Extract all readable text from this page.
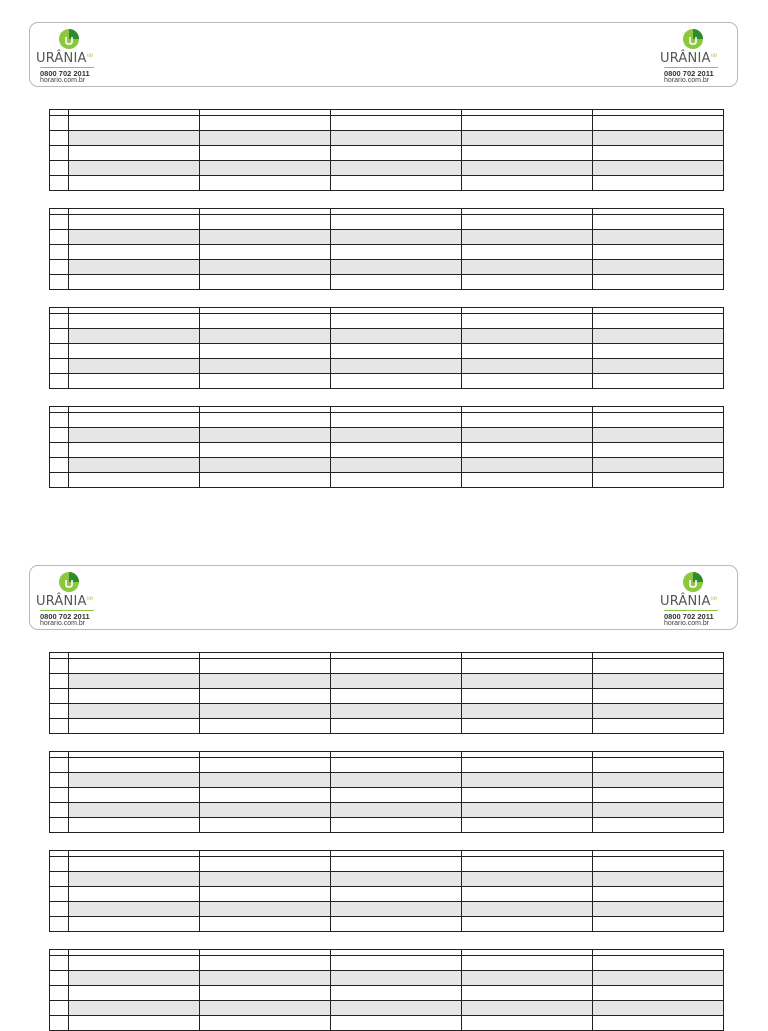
$URÂNIA^{up}$
0800 702 2011
horario.com.br
$URÂNIA^{up}$
0800 702 2011
horario.com.br

$URÂNIA^{up}$
0800 702 2011
horario.com.br
$URÂNIA^{up}$
0800 702 2011
horario.com.br
